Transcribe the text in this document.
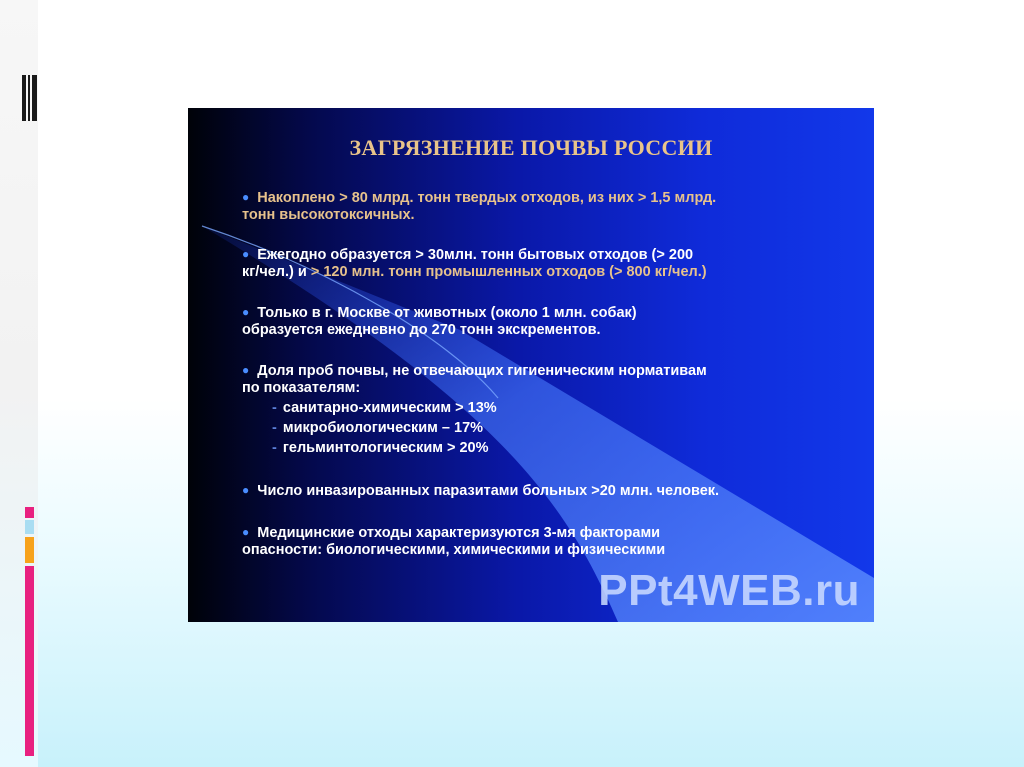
ЗАГРЯЗНЕНИЕ ПОЧВЫ РОССИИ
● Накоплено > 80 млрд. тонн твердых отходов, из них > 1,5 млрд.
тонн высокотоксичных.
● Ежегодно образуется > 30млн. тонн бытовых отходов (> 200
кг/чел.) и > 120 млн. тонн промышленных отходов (> 800 кг/чел.)
● Только в г. Москве от животных (около 1 млн. собак)
образуется ежедневно до 270 тонн экскрементов.
● Доля проб почвы, не отвечающих гигиеническим нормативам
по показателям:
- санитарно-химическим > 13%
- микробиологическим – 17%
- гельминтологическим > 20%
● Число инвазированных паразитами больных >20 млн. человек.
● Медицинские отходы характеризуются 3-мя факторами
опасности: биологическими, химическими и физическими
PPt4WEB.ru
